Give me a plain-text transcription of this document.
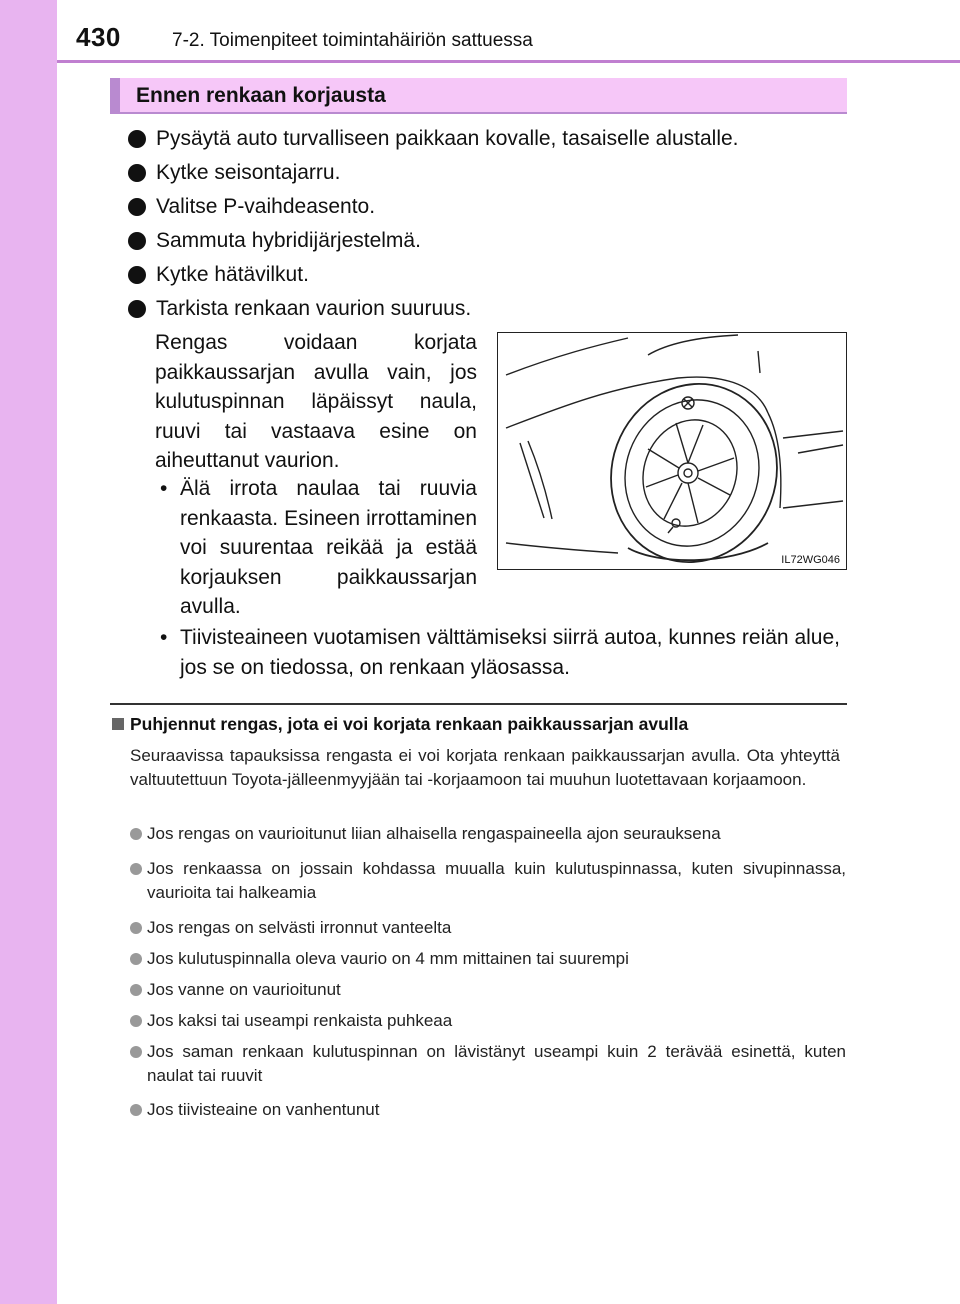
430	7-2. Toimenpiteet toimintahäiriön sattuessa
Ennen renkaan korjausta
Pysäytä auto turvalliseen paikkaan kovalle, tasaiselle alustalle.
Kytke seisontajarru.
Valitse P-vaihdeasento.
Sammuta hybridijärjestelmä.
Kytke hätävilkut.
Tarkista renkaan vaurion suuruus.
Rengas voidaan korjata paikkaussarjan avulla vain, jos kulutuspinnan läpäissyt naula, ruuvi tai vastaava esine on aiheuttanut vaurion.
• Älä irrota naulaa tai ruuvia renkaasta. Esineen irrottaminen voi suurentaa reikää ja estää korjauksen paikkaussarjan avulla.
• Tiivisteaineen vuotamisen välttämiseksi siirrä autoa, kunnes reiän alue, jos se on tiedossa, on renkaan yläosassa.
IL72WG046
Puhjennut rengas, jota ei voi korjata renkaan paikkaussarjan avulla
Seuraavissa tapauksissa rengasta ei voi korjata renkaan paikkaussarjan avulla. Ota yhteyttä valtuutettuun Toyota-jälleenmyyjään tai -korjaamoon tai muuhun luotettavaan korjaamoon.
Jos rengas on vaurioitunut liian alhaisella rengaspaineella ajon seurauksena
Jos renkaassa on jossain kohdassa muualla kuin kulutuspinnassa, kuten sivupinnassa, vaurioita tai halkeamia
Jos rengas on selvästi irronnut vanteelta
Jos kulutuspinnalla oleva vaurio on 4 mm mittainen tai suurempi
Jos vanne on vaurioitunut
Jos kaksi tai useampi renkaista puhkeaa
Jos saman renkaan kulutuspinnan on lävistänyt useampi kuin 2 terävää esinettä, kuten naulat tai ruuvit
Jos tiivisteaine on vanhentunut
